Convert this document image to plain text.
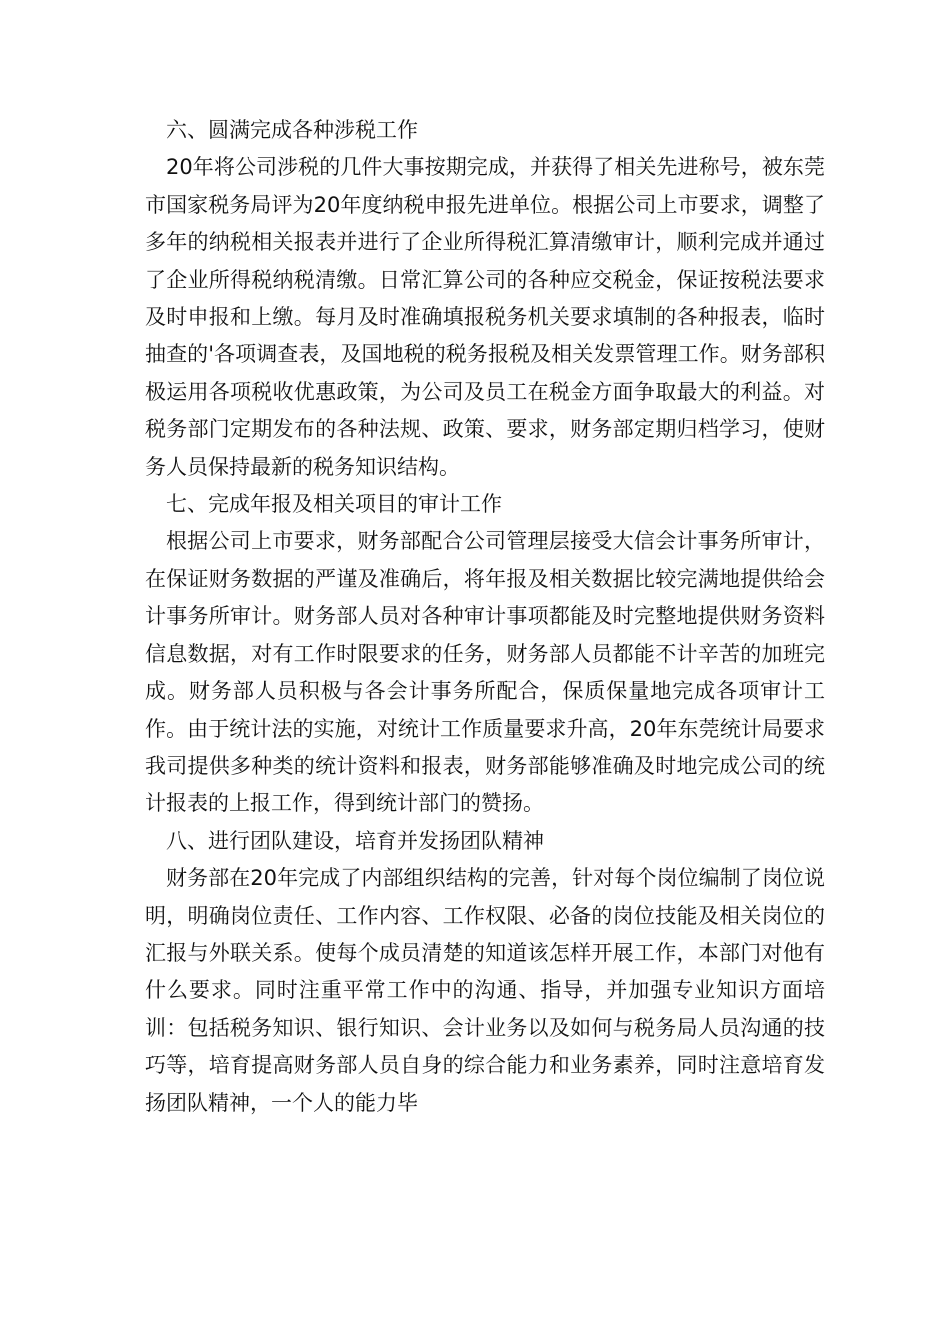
六、圆满完成各种涉税工作

20年将公司涉税的几件大事按期完成，并获得了相关先进称号，被东莞市国家税务局评为20年度纳税申报先进单位。根据公司上市要求，调整了多年的纳税相关报表并进行了企业所得税汇算清缴审计，顺利完成并通过了企业所得税纳税清缴。日常汇算公司的各种应交税金，保证按税法要求及时申报和上缴。每月及时准确填报税务机关要求填制的各种报表，临时抽查的'各项调查表，及国地税的税务报税及相关发票管理工作。财务部积极运用各项税收优惠政策，为公司及员工在税金方面争取最大的利益。对税务部门定期发布的各种法规、政策、要求，财务部定期归档学习，使财务人员保持最新的税务知识结构。

七、完成年报及相关项目的审计工作

根据公司上市要求，财务部配合公司管理层接受大信会计事务所审计，在保证财务数据的严谨及准确后，将年报及相关数据比较完满地提供给会计事务所审计。财务部人员对各种审计事项都能及时完整地提供财务资料信息数据，对有工作时限要求的任务，财务部人员都能不计辛苦的加班完成。财务部人员积极与各会计事务所配合，保质保量地完成各项审计工作。由于统计法的实施，对统计工作质量要求升高，20年东莞统计局要求我司提供多种类的统计资料和报表，财务部能够准确及时地完成公司的统计报表的上报工作，得到统计部门的赞扬。

八、进行团队建设，培育并发扬团队精神

财务部在20年完成了内部组织结构的完善，针对每个岗位编制了岗位说明，明确岗位责任、工作内容、工作权限、必备的岗位技能及相关岗位的汇报与外联关系。使每个成员清楚的知道该怎样开展工作，本部门对他有什么要求。同时注重平常工作中的沟通、指导，并加强专业知识方面培训：包括税务知识、银行知识、会计业务以及如何与税务局人员沟通的技巧等，培育提高财务部人员自身的综合能力和业务素养，同时注意培育发扬团队精神，一个人的能力毕
